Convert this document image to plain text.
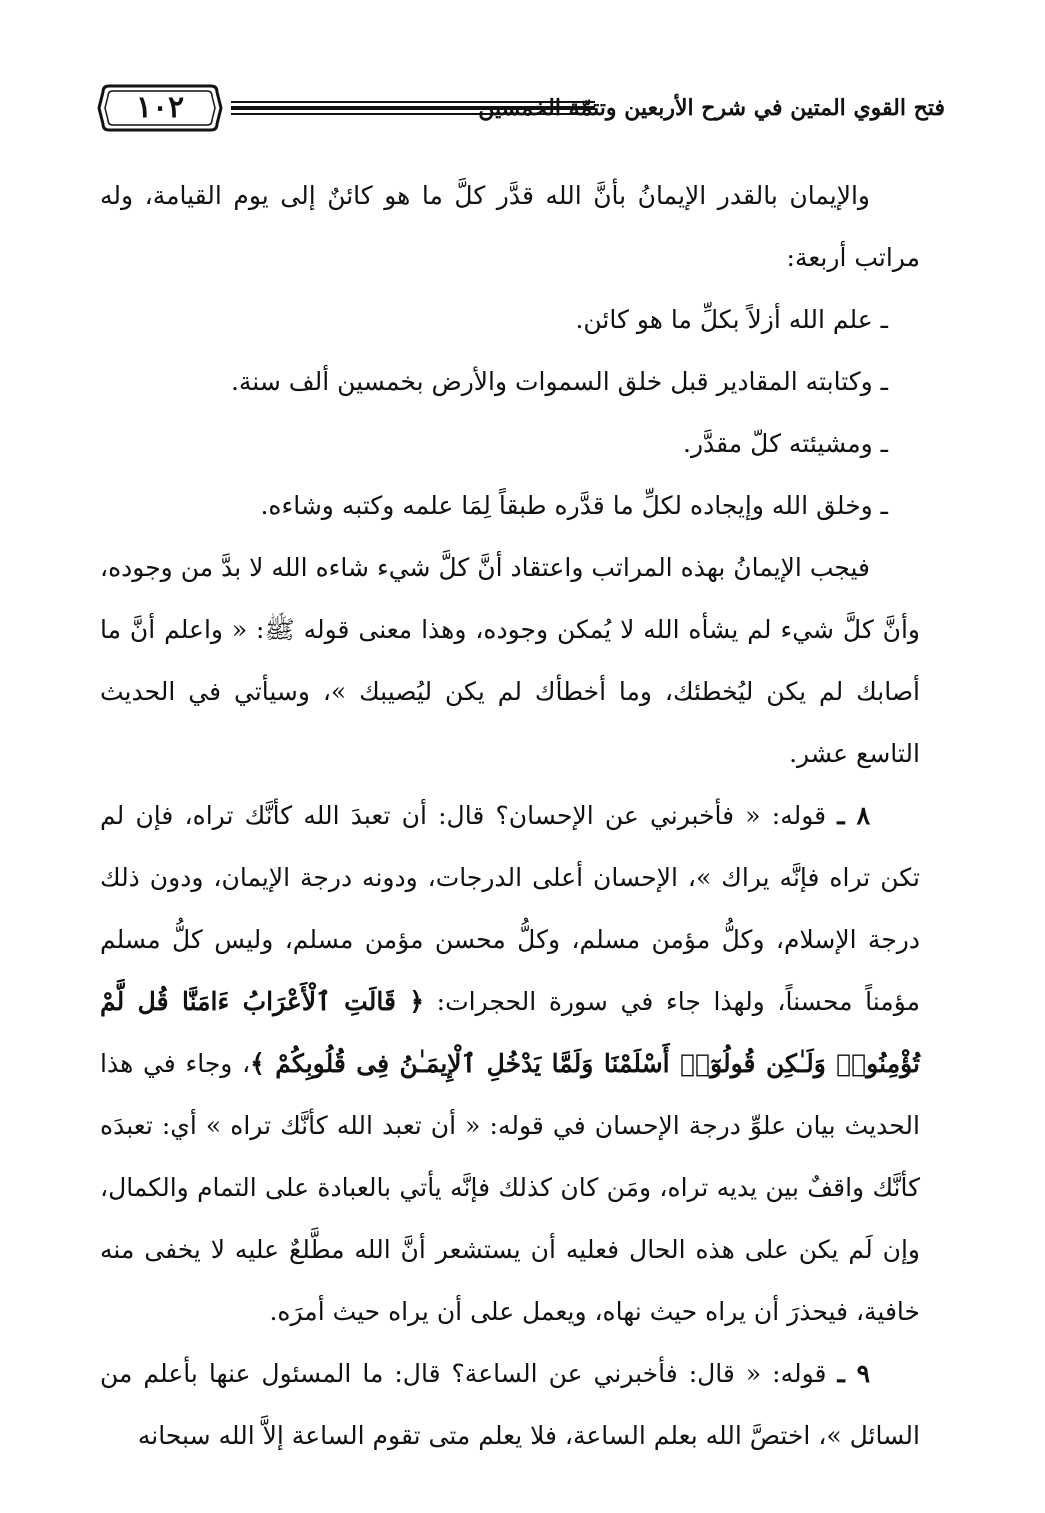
١٠٢	فتح القوي المتين في شرح الأربعين وتتمّة الخمسين

والإيمان بالقدر الإيمانُ بأنَّ الله قدَّر كلَّ ما هو كائنٌ إلى يوم القيامة، وله مراتب أربعة:

ـ علم الله أزلاً بكلِّ ما هو كائن.

ـ وكتابته المقادير قبل خلق السموات والأرض بخمسين ألف سنة.

ـ ومشيئته كلّ مقدَّر.

ـ وخلق الله وإيجاده لكلِّ ما قدَّره طبقاً لِمَا علمه وكتبه وشاءه.

فيجب الإيمانُ بهذه المراتب واعتقاد أنَّ كلَّ شيء شاءه الله لا بدَّ من وجوده، وأنَّ كلَّ شيء لم يشأه الله لا يُمكن وجوده، وهذا معنى قوله ﷺ: « واعلم أنَّ ما أصابك لم يكن ليُخطئك، وما أخطأك لم يكن ليُصيبك »، وسيأتي في الحديث التاسع عشر.

٨ ـ قوله: « فأخبرني عن الإحسان؟ قال: أن تعبدَ الله كأنَّك تراه، فإن لم تكن تراه فإنَّه يراك »، الإحسان أعلى الدرجات، ودونه درجة الإيمان، ودون ذلك درجة الإسلام، وكلُّ مؤمن مسلم، وكلُّ محسن مؤمن مسلم، وليس كلُّ مسلم مؤمناً محسناً، ولهذا جاء في سورة الحجرات: ﴿ قَالَتِ ٱلْأَعْرَابُ ءَامَنَّا قُل لَّمْ تُؤْمِنُوا۟ وَلَـٰكِن قُولُوٓا۟ أَسْلَمْنَا وَلَمَّا يَدْخُلِ ٱلْإِيمَـٰنُ فِى قُلُوبِكُمْ ﴾، وجاء في هذا الحديث بيان علوِّ درجة الإحسان في قوله: « أن تعبد الله كأنَّك تراه » أي: تعبدَه كأنَّك واقفٌ بين يديه تراه، ومَن كان كذلك فإنَّه يأتي بالعبادة على التمام والكمال، وإن لَم يكن على هذه الحال فعليه أن يستشعر أنَّ الله مطَّلعٌ عليه لا يخفى منه خافية، فيحذرَ أن يراه حيث نهاه، ويعمل على أن يراه حيث أمرَه.

٩ ـ قوله: « قال: فأخبرني عن الساعة؟ قال: ما المسئول عنها بأعلم من السائل »، اختصَّ الله بعلم الساعة، فلا يعلم متى تقوم الساعة إلاَّ الله سبحانه
